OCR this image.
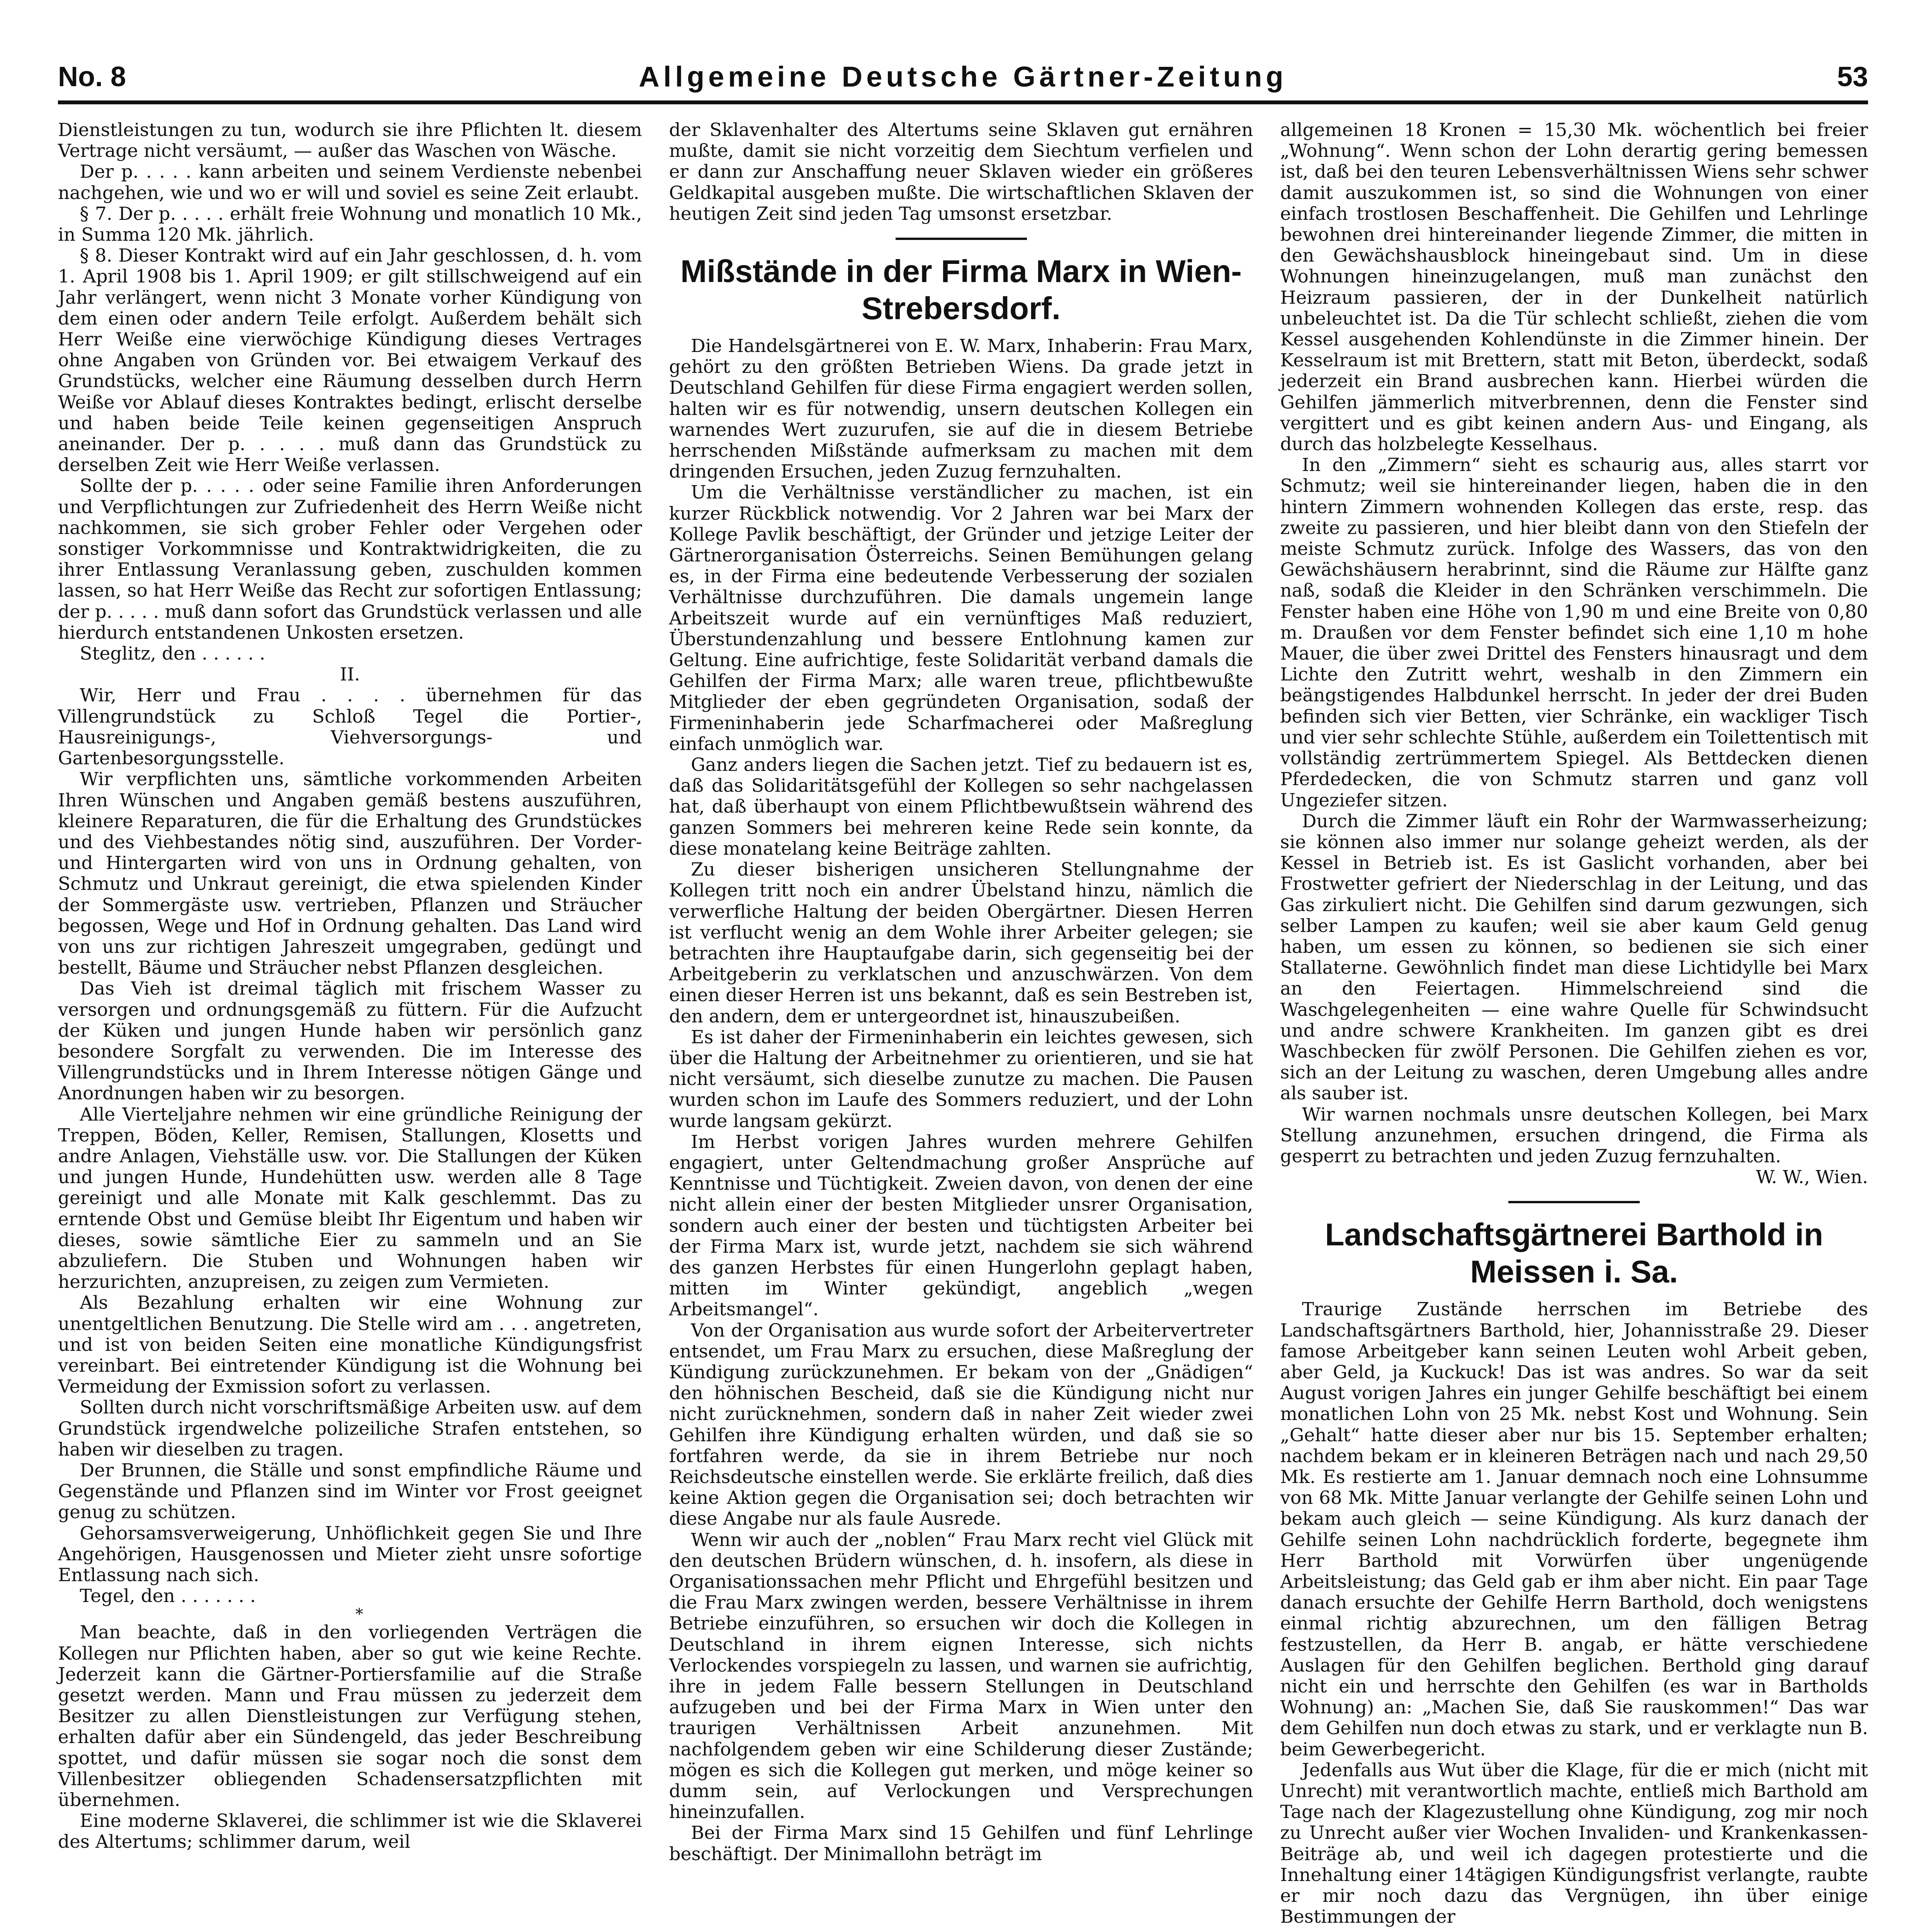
No. 8	Allgemeine Deutsche Gärtner-Zeitung	53

Dienstleistungen zu tun, wodurch sie ihre Pflichten lt. diesem Vertrage nicht versäumt, — außer das Waschen von Wäsche.

Der p. . . . . kann arbeiten und seinem Verdienste nebenbei nachgehen, wie und wo er will und soviel es seine Zeit erlaubt.

§ 7. Der p. . . . . erhält freie Wohnung und monatlich 10 Mk., in Summa 120 Mk. jährlich.

§ 8. Dieser Kontrakt wird auf ein Jahr geschlossen, d. h. vom 1. April 1908 bis 1. April 1909; er gilt stillschweigend auf ein Jahr verlängert, wenn nicht 3 Monate vorher Kündigung von dem einen oder andern Teile erfolgt. Außerdem behält sich Herr Weiße eine vierwöchige Kündigung dieses Vertrages ohne Angaben von Gründen vor. Bei etwaigem Verkauf des Grundstücks, welcher eine Räumung desselben durch Herrn Weiße vor Ablauf dieses Kontraktes bedingt, erlischt derselbe und haben beide Teile keinen gegenseitigen Anspruch aneinander. Der p. . . . . muß dann das Grundstück zu derselben Zeit wie Herr Weiße verlassen.

Sollte der p. . . . . oder seine Familie ihren Anforderungen und Verpflichtungen zur Zufriedenheit des Herrn Weiße nicht nachkommen, sie sich grober Fehler oder Vergehen oder sonstiger Vorkommnisse und Kontraktwidrigkeiten, die zu ihrer Entlassung Veranlassung geben, zuschulden kommen lassen, so hat Herr Weiße das Recht zur sofortigen Entlassung; der p. . . . . muß dann sofort das Grundstück verlassen und alle hierdurch entstandenen Unkosten ersetzen.

Steglitz, den . . . . . .

II.

Wir, Herr und Frau . . . . übernehmen für das Villengrundstück zu Schloß Tegel die Portier-, Hausreinigungs-, Viehversorgungs- und Gartenbesorgungsstelle.

Wir verpflichten uns, sämtliche vorkommenden Arbeiten Ihren Wünschen und Angaben gemäß bestens auszuführen, kleinere Reparaturen, die für die Erhaltung des Grundstückes und des Viehbestandes nötig sind, auszuführen. Der Vorder- und Hintergarten wird von uns in Ordnung gehalten, von Schmutz und Unkraut gereinigt, die etwa spielenden Kinder der Sommergäste usw. vertrieben, Pflanzen und Sträucher begossen, Wege und Hof in Ordnung gehalten. Das Land wird von uns zur richtigen Jahreszeit umgegraben, gedüngt und bestellt, Bäume und Sträucher nebst Pflanzen desgleichen.

Das Vieh ist dreimal täglich mit frischem Wasser zu versorgen und ordnungsgemäß zu füttern. Für die Aufzucht der Küken und jungen Hunde haben wir persönlich ganz besondere Sorgfalt zu verwenden. Die im Interesse des Villengrundstücks und in Ihrem Interesse nötigen Gänge und Anordnungen haben wir zu besorgen.

Alle Vierteljahre nehmen wir eine gründliche Reinigung der Treppen, Böden, Keller, Remisen, Stallungen, Klosetts und andre Anlagen, Viehställe usw. vor. Die Stallungen der Küken und jungen Hunde, Hundehütten usw. werden alle 8 Tage gereinigt und alle Monate mit Kalk geschlemmt. Das zu erntende Obst und Gemüse bleibt Ihr Eigentum und haben wir dieses, sowie sämtliche Eier zu sammeln und an Sie abzuliefern. Die Stuben und Wohnungen haben wir herzurichten, anzupreisen, zu zeigen zum Vermieten.

Als Bezahlung erhalten wir eine Wohnung zur unentgeltlichen Benutzung. Die Stelle wird am . . . angetreten, und ist von beiden Seiten eine monatliche Kündigungsfrist vereinbart. Bei eintretender Kündigung ist die Wohnung bei Vermeidung der Exmission sofort zu verlassen.

Sollten durch nicht vorschriftsmäßige Arbeiten usw. auf dem Grundstück irgendwelche polizeiliche Strafen entstehen, so haben wir dieselben zu tragen.

Der Brunnen, die Ställe und sonst empfindliche Räume und Gegenstände und Pflanzen sind im Winter vor Frost geeignet genug zu schützen.

Gehorsamsverweigerung, Unhöflichkeit gegen Sie und Ihre Angehörigen, Hausgenossen und Mieter zieht unsre sofortige Entlassung nach sich.

Tegel, den . . . . . . .

*

Man beachte, daß in den vorliegenden Verträgen die Kollegen nur Pflichten haben, aber so gut wie keine Rechte. Jederzeit kann die Gärtner-Portiersfamilie auf die Straße gesetzt werden. Mann und Frau müssen zu jederzeit dem Besitzer zu allen Dienstleistungen zur Verfügung stehen, erhalten dafür aber ein Sündengeld, das jeder Beschreibung spottet, und dafür müssen sie sogar noch die sonst dem Villenbesitzer obliegenden Schadensersatzpflichten mit übernehmen.

Eine moderne Sklaverei, die schlimmer ist wie die Sklaverei des Altertums; schlimmer darum, weil

der Sklavenhalter des Altertums seine Sklaven gut ernähren mußte, damit sie nicht vorzeitig dem Siechtum verfielen und er dann zur Anschaffung neuer Sklaven wieder ein größeres Geldkapital ausgeben mußte. Die wirtschaftlichen Sklaven der heutigen Zeit sind jeden Tag umsonst ersetzbar.

Mißstände in der Firma Marx in Wien-Strebersdorf.

Die Handelsgärtnerei von E. W. Marx, Inhaberin: Frau Marx, gehört zu den größten Betrieben Wiens. Da grade jetzt in Deutschland Gehilfen für diese Firma engagiert werden sollen, halten wir es für notwendig, unsern deutschen Kollegen ein warnendes Wert zuzurufen, sie auf die in diesem Betriebe herrschenden Mißstände aufmerksam zu machen mit dem dringenden Ersuchen, jeden Zuzug fernzuhalten.

Um die Verhältnisse verständlicher zu machen, ist ein kurzer Rückblick notwendig. Vor 2 Jahren war bei Marx der Kollege Pavlik beschäftigt, der Gründer und jetzige Leiter der Gärtnerorganisation Österreichs. Seinen Bemühungen gelang es, in der Firma eine bedeutende Verbesserung der sozialen Verhältnisse durchzuführen. Die damals ungemein lange Arbeitszeit wurde auf ein vernünftiges Maß reduziert, Überstundenzahlung und bessere Entlohnung kamen zur Geltung. Eine aufrichtige, feste Solidarität verband damals die Gehilfen der Firma Marx; alle waren treue, pflichtbewußte Mitglieder der eben gegründeten Organisation, sodaß der Firmeninhaberin jede Scharfmacherei oder Maßreglung einfach unmöglich war.

Ganz anders liegen die Sachen jetzt. Tief zu bedauern ist es, daß das Solidaritätsgefühl der Kollegen so sehr nachgelassen hat, daß überhaupt von einem Pflichtbewußtsein während des ganzen Sommers bei mehreren keine Rede sein konnte, da diese monatelang keine Beiträge zahlten.

Zu dieser bisherigen unsicheren Stellungnahme der Kollegen tritt noch ein andrer Übelstand hinzu, nämlich die verwerfliche Haltung der beiden Obergärtner. Diesen Herren ist verflucht wenig an dem Wohle ihrer Arbeiter gelegen; sie betrachten ihre Hauptaufgabe darin, sich gegenseitig bei der Arbeitgeberin zu verklatschen und anzuschwärzen. Von dem einen dieser Herren ist uns bekannt, daß es sein Bestreben ist, den andern, dem er untergeordnet ist, hinauszubeißen.

Es ist daher der Firmeninhaberin ein leichtes gewesen, sich über die Haltung der Arbeitnehmer zu orientieren, und sie hat nicht versäumt, sich dieselbe zunutze zu machen. Die Pausen wurden schon im Laufe des Sommers reduziert, und der Lohn wurde langsam gekürzt.

Im Herbst vorigen Jahres wurden mehrere Gehilfen engagiert, unter Geltendmachung großer Ansprüche auf Kenntnisse und Tüchtigkeit. Zweien davon, von denen der eine nicht allein einer der besten Mitglieder unsrer Organisation, sondern auch einer der besten und tüchtigsten Arbeiter bei der Firma Marx ist, wurde jetzt, nachdem sie sich während des ganzen Herbstes für einen Hungerlohn geplagt haben, mitten im Winter gekündigt, angeblich „wegen Arbeitsmangel“.

Von der Organisation aus wurde sofort der Arbeitervertreter entsendet, um Frau Marx zu ersuchen, diese Maßreglung der Kündigung zurückzunehmen. Er bekam von der „Gnädigen“ den höhnischen Bescheid, daß sie die Kündigung nicht nur nicht zurücknehmen, sondern daß in naher Zeit wieder zwei Gehilfen ihre Kündigung erhalten würden, und daß sie so fortfahren werde, da sie in ihrem Betriebe nur noch Reichsdeutsche einstellen werde. Sie erklärte freilich, daß dies keine Aktion gegen die Organisation sei; doch betrachten wir diese Angabe nur als faule Ausrede.

Wenn wir auch der „noblen“ Frau Marx recht viel Glück mit den deutschen Brüdern wünschen, d. h. insofern, als diese in Organisationssachen mehr Pflicht und Ehrgefühl besitzen und die Frau Marx zwingen werden, bessere Verhältnisse in ihrem Betriebe einzuführen, so ersuchen wir doch die Kollegen in Deutschland in ihrem eignen Interesse, sich nichts Verlockendes vorspiegeln zu lassen, und warnen sie aufrichtig, ihre in jedem Falle bessern Stellungen in Deutschland aufzugeben und bei der Firma Marx in Wien unter den traurigen Verhältnissen Arbeit anzunehmen. Mit nachfolgendem geben wir eine Schilderung dieser Zustände; mögen es sich die Kollegen gut merken, und möge keiner so dumm sein, auf Verlockungen und Versprechungen hineinzufallen.

Bei der Firma Marx sind 15 Gehilfen und fünf Lehrlinge beschäftigt. Der Minimallohn beträgt im

allgemeinen 18 Kronen = 15,30 Mk. wöchentlich bei freier „Wohnung“. Wenn schon der Lohn derartig gering bemessen ist, daß bei den teuren Lebensverhältnissen Wiens sehr schwer damit auszukommen ist, so sind die Wohnungen von einer einfach trostlosen Beschaffenheit. Die Gehilfen und Lehrlinge bewohnen drei hintereinander liegende Zimmer, die mitten in den Gewächshausblock hineingebaut sind. Um in diese Wohnungen hineinzugelangen, muß man zunächst den Heizraum passieren, der in der Dunkelheit natürlich unbeleuchtet ist. Da die Tür schlecht schließt, ziehen die vom Kessel ausgehenden Kohlendünste in die Zimmer hinein. Der Kesselraum ist mit Brettern, statt mit Beton, überdeckt, sodaß jederzeit ein Brand ausbrechen kann. Hierbei würden die Gehilfen jämmerlich mitverbrennen, denn die Fenster sind vergittert und es gibt keinen andern Aus- und Eingang, als durch das holzbelegte Kesselhaus.

In den „Zimmern“ sieht es schaurig aus, alles starrt vor Schmutz; weil sie hintereinander liegen, haben die in den hintern Zimmern wohnenden Kollegen das erste, resp. das zweite zu passieren, und hier bleibt dann von den Stiefeln der meiste Schmutz zurück. Infolge des Wassers, das von den Gewächshäusern herabrinnt, sind die Räume zur Hälfte ganz naß, sodaß die Kleider in den Schränken verschimmeln. Die Fenster haben eine Höhe von 1,90 m und eine Breite von 0,80 m. Draußen vor dem Fenster befindet sich eine 1,10 m hohe Mauer, die über zwei Drittel des Fensters hinausragt und dem Lichte den Zutritt wehrt, weshalb in den Zimmern ein beängstigendes Halbdunkel herrscht. In jeder der drei Buden befinden sich vier Betten, vier Schränke, ein wackliger Tisch und vier sehr schlechte Stühle, außerdem ein Toilettentisch mit vollständig zertrümmertem Spiegel. Als Bettdecken dienen Pferdedecken, die von Schmutz starren und ganz voll Ungeziefer sitzen.

Durch die Zimmer läuft ein Rohr der Warmwasserheizung; sie können also immer nur solange geheizt werden, als der Kessel in Betrieb ist. Es ist Gaslicht vorhanden, aber bei Frostwetter gefriert der Niederschlag in der Leitung, und das Gas zirkuliert nicht. Die Gehilfen sind darum gezwungen, sich selber Lampen zu kaufen; weil sie aber kaum Geld genug haben, um essen zu können, so bedienen sie sich einer Stallaterne. Gewöhnlich findet man diese Lichtidylle bei Marx an den Feiertagen. Himmelschreiend sind die Waschgelegenheiten — eine wahre Quelle für Schwindsucht und andre schwere Krankheiten. Im ganzen gibt es drei Waschbecken für zwölf Personen. Die Gehilfen ziehen es vor, sich an der Leitung zu waschen, deren Umgebung alles andre als sauber ist.

Wir warnen nochmals unsre deutschen Kollegen, bei Marx Stellung anzunehmen, ersuchen dringend, die Firma als gesperrt zu betrachten und jeden Zuzug fernzuhalten.

W. W., Wien.

Landschaftsgärtnerei Barthold in Meissen i. Sa.

Traurige Zustände herrschen im Betriebe des Landschaftsgärtners Barthold, hier, Johannisstraße 29. Dieser famose Arbeitgeber kann seinen Leuten wohl Arbeit geben, aber Geld, ja Kuckuck! Das ist was andres. So war da seit August vorigen Jahres ein junger Gehilfe beschäftigt bei einem monatlichen Lohn von 25 Mk. nebst Kost und Wohnung. Sein „Gehalt“ hatte dieser aber nur bis 15. September erhalten; nachdem bekam er in kleineren Beträgen nach und nach 29,50 Mk. Es restierte am 1. Januar demnach noch eine Lohnsumme von 68 Mk. Mitte Januar verlangte der Gehilfe seinen Lohn und bekam auch gleich — seine Kündigung. Als kurz danach der Gehilfe seinen Lohn nachdrücklich forderte, begegnete ihm Herr Barthold mit Vorwürfen über ungenügende Arbeitsleistung; das Geld gab er ihm aber nicht. Ein paar Tage danach ersuchte der Gehilfe Herrn Barthold, doch wenigstens einmal richtig abzurechnen, um den fälligen Betrag festzustellen, da Herr B. angab, er hätte verschiedene Auslagen für den Gehilfen beglichen. Berthold ging darauf nicht ein und herrschte den Gehilfen (es war in Bartholds Wohnung) an: „Machen Sie, daß Sie rauskommen!“ Das war dem Gehilfen nun doch etwas zu stark, und er verklagte nun B. beim Gewerbegericht.

Jedenfalls aus Wut über die Klage, für die er mich (nicht mit Unrecht) mit verantwortlich machte, entließ mich Barthold am Tage nach der Klagezustellung ohne Kündigung, zog mir noch zu Unrecht außer vier Wochen Invaliden- und Krankenkassen-Beiträge ab, und weil ich dagegen protestierte und die Innehaltung einer 14tägigen Kündigungsfrist verlangte, raubte er mir noch dazu das Vergnügen, ihn über einige Bestimmungen der
